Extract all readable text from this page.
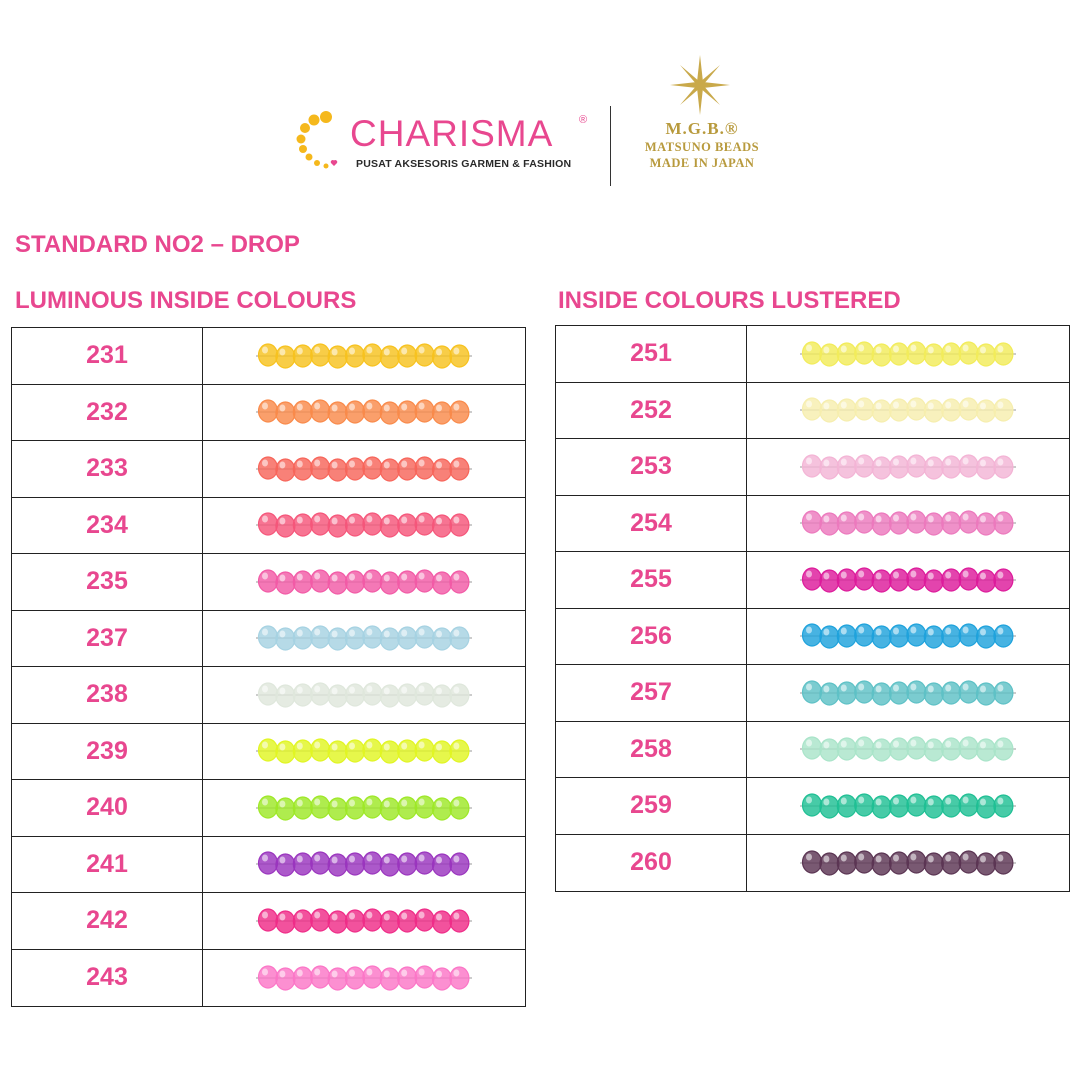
CHARISMA ®
PUSAT AKSESORIS GARMEN & FASHION
M.G.B.®
MATSUNO BEADS
MADE IN JAPAN
STANDARD NO2 – DROP
LUMINOUS INSIDE COLOURS	INSIDE COLOURS LUSTERED
231
232
233
234
235
237
238
239
240
241
242
243
251
252
253
254
255
256
257
258
259
260
